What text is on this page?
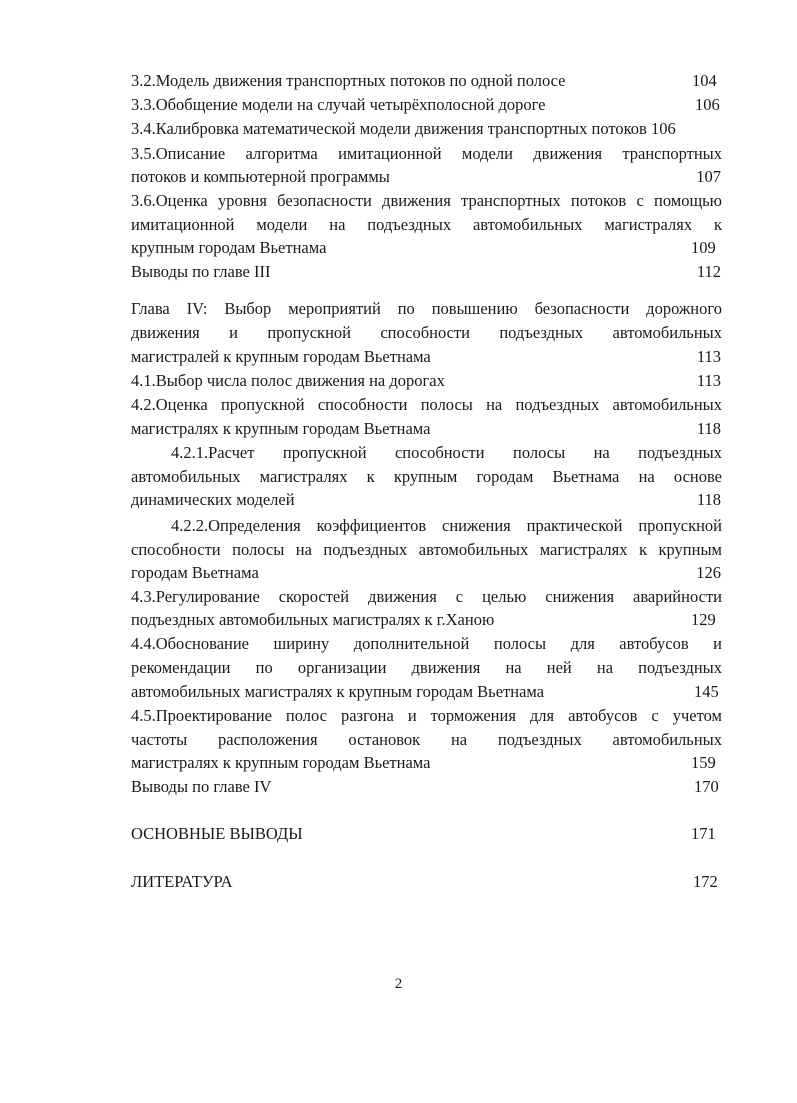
3.2.Модель движения транспортных потоков по одной полосе	104
3.3.Обобщение модели на случай четырёхполосной дороге	106
3.4.Калибровка математической модели движения транспортных потоков 106
3.5.Описание алгоритма имитационной модели движения транспортных
потоков и компьютерной программы	107
3.6.Оценка уровня безопасности движения транспортных потоков с помощью
имитационной модели на подъездных автомобильных магистралях к
крупным городам Вьетнама	109
Выводы по главе III	112
Глава IV: Выбор мероприятий по повышению безопасности дорожного
движения и пропускной способности подъездных автомобильных
магистралей к крупным городам Вьетнама	113
4.1.Выбор числа полос движения на дорогах	113
4.2.Оценка пропускной способности полосы на подъездных автомобильных
магистралях к крупным городам Вьетнама	118
4.2.1.Расчет пропускной способности полосы на подъездных
автомобильных магистралях к крупным городам Вьетнама на основе
динамических моделей	118
4.2.2.Определения коэффициентов снижения практической пропускной
способности полосы на подъездных автомобильных магистралях к крупным
городам Вьетнама	126
4.3.Регулирование скоростей движения с целью снижения аварийности
подъездных автомобильных магистралях к г.Ханою	129
4.4.Обоснование ширину дополнительной полосы для автобусов и
рекомендации по организации движения на ней на подъездных
автомобильных магистралях к крупным городам Вьетнама	145
4.5.Проектирование полос разгона и торможения для автобусов с учетом
частоты расположения остановок на подъездных автомобильных
магистралях к крупным городам Вьетнама	159
Выводы по главе IV	170
ОСНОВНЫЕ ВЫВОДЫ	171
ЛИТЕРАТУРА	172
2
